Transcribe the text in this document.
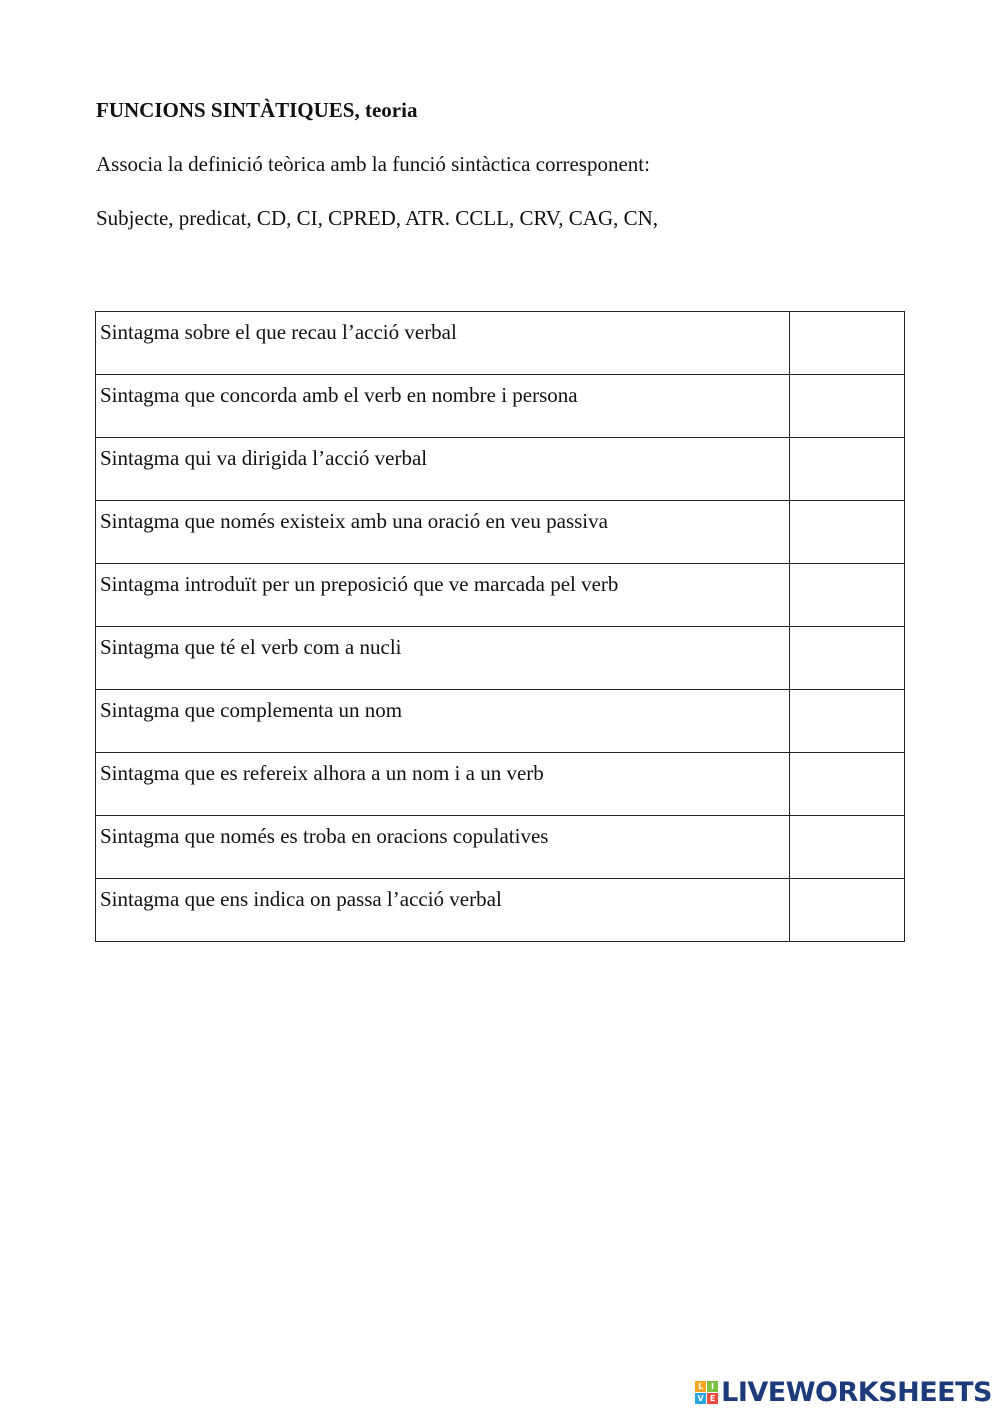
FUNCIONS SINTÀTIQUES, teoria

Associa la definició teòrica amb la funció sintàctica corresponent:

Subjecte, predicat, CD, CI, CPRED, ATR. CCLL, CRV, CAG, CN,

Sintagma sobre el que recau l’acció verbal	

Sintagma que concorda amb el verb en nombre i persona	

Sintagma qui va dirigida l’acció verbal	

Sintagma que només existeix amb una oració en veu passiva	

Sintagma introduït per un preposició que ve marcada pel verb	

Sintagma que té el verb com a nucli	

Sintagma que complementa un nom	

Sintagma que es refereix alhora a un nom i a un verb	

Sintagma que només es troba en oracions copulatives	

Sintagma que ens indica on passa l’acció verbal	
L I
V E LIVEWORKSHEETS
